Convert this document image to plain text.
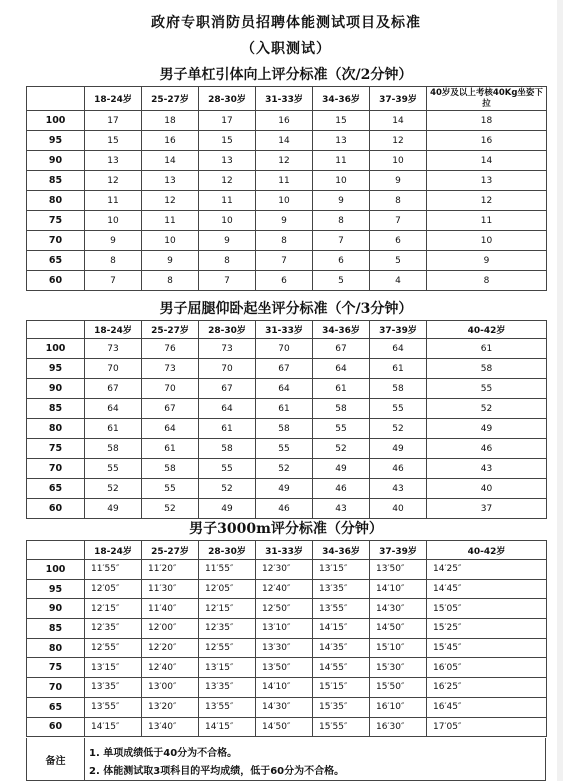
政府专职消防员招聘体能测试项目及标准
（入职测试）
男子单杠引体向上评分标准（次/2分钟）
	18-24岁	25-27岁	28-30岁	31-33岁	34-36岁	37-39岁	40岁及以上考核40Kg坐姿下拉
100	17	18	17	16	15	14	18
95	15	16	15	14	13	12	16
90	13	14	13	12	11	10	14
85	12	13	12	11	10	9	13
80	11	12	11	10	9	8	12
75	10	11	10	9	8	7	11
70	9	10	9	8	7	6	10
65	8	9	8	7	6	5	9
60	7	8	7	6	5	4	8
男子屈腿仰卧起坐评分标准（个/3分钟）
	18-24岁	25-27岁	28-30岁	31-33岁	34-36岁	37-39岁	40-42岁
100	73	76	73	70	67	64	61
95	70	73	70	67	64	61	58
90	67	70	67	64	61	58	55
85	64	67	64	61	58	55	52
80	61	64	61	58	55	52	49
75	58	61	58	55	52	49	46
70	55	58	55	52	49	46	43
65	52	55	52	49	46	43	40
60	49	52	49	46	43	40	37
男子3000m评分标准（分钟）
	18-24岁	25-27岁	28-30岁	31-33岁	34-36岁	37-39岁	40-42岁
100	11′55″	11′20″	11′55″	12′30″	13′15″	13′50″	14′25″
95	12′05″	11′30″	12′05″	12′40″	13′35″	14′10″	14′45″
90	12′15″	11′40″	12′15″	12′50″	13′55″	14′30″	15′05″
85	12′35″	12′00″	12′35″	13′10″	14′15″	14′50″	15′25″
80	12′55″	12′20″	12′55″	13′30″	14′35″	15′10″	15′45″
75	13′15″	12′40″	13′15″	13′50″	14′55″	15′30″	16′05″
70	13′35″	13′00″	13′35″	14′10″	15′15″	15′50″	16′25″
65	13′55″	13′20″	13′55″	14′30″	15′35″	16′10″	16′45″
60	14′15″	13′40″	14′15″	14′50″	15′55″	16′30″	17′05″
备注
1. 单项成绩低于40分为不合格。
2. 体能测试取3项科目的平均成绩，低于60分为不合格。
